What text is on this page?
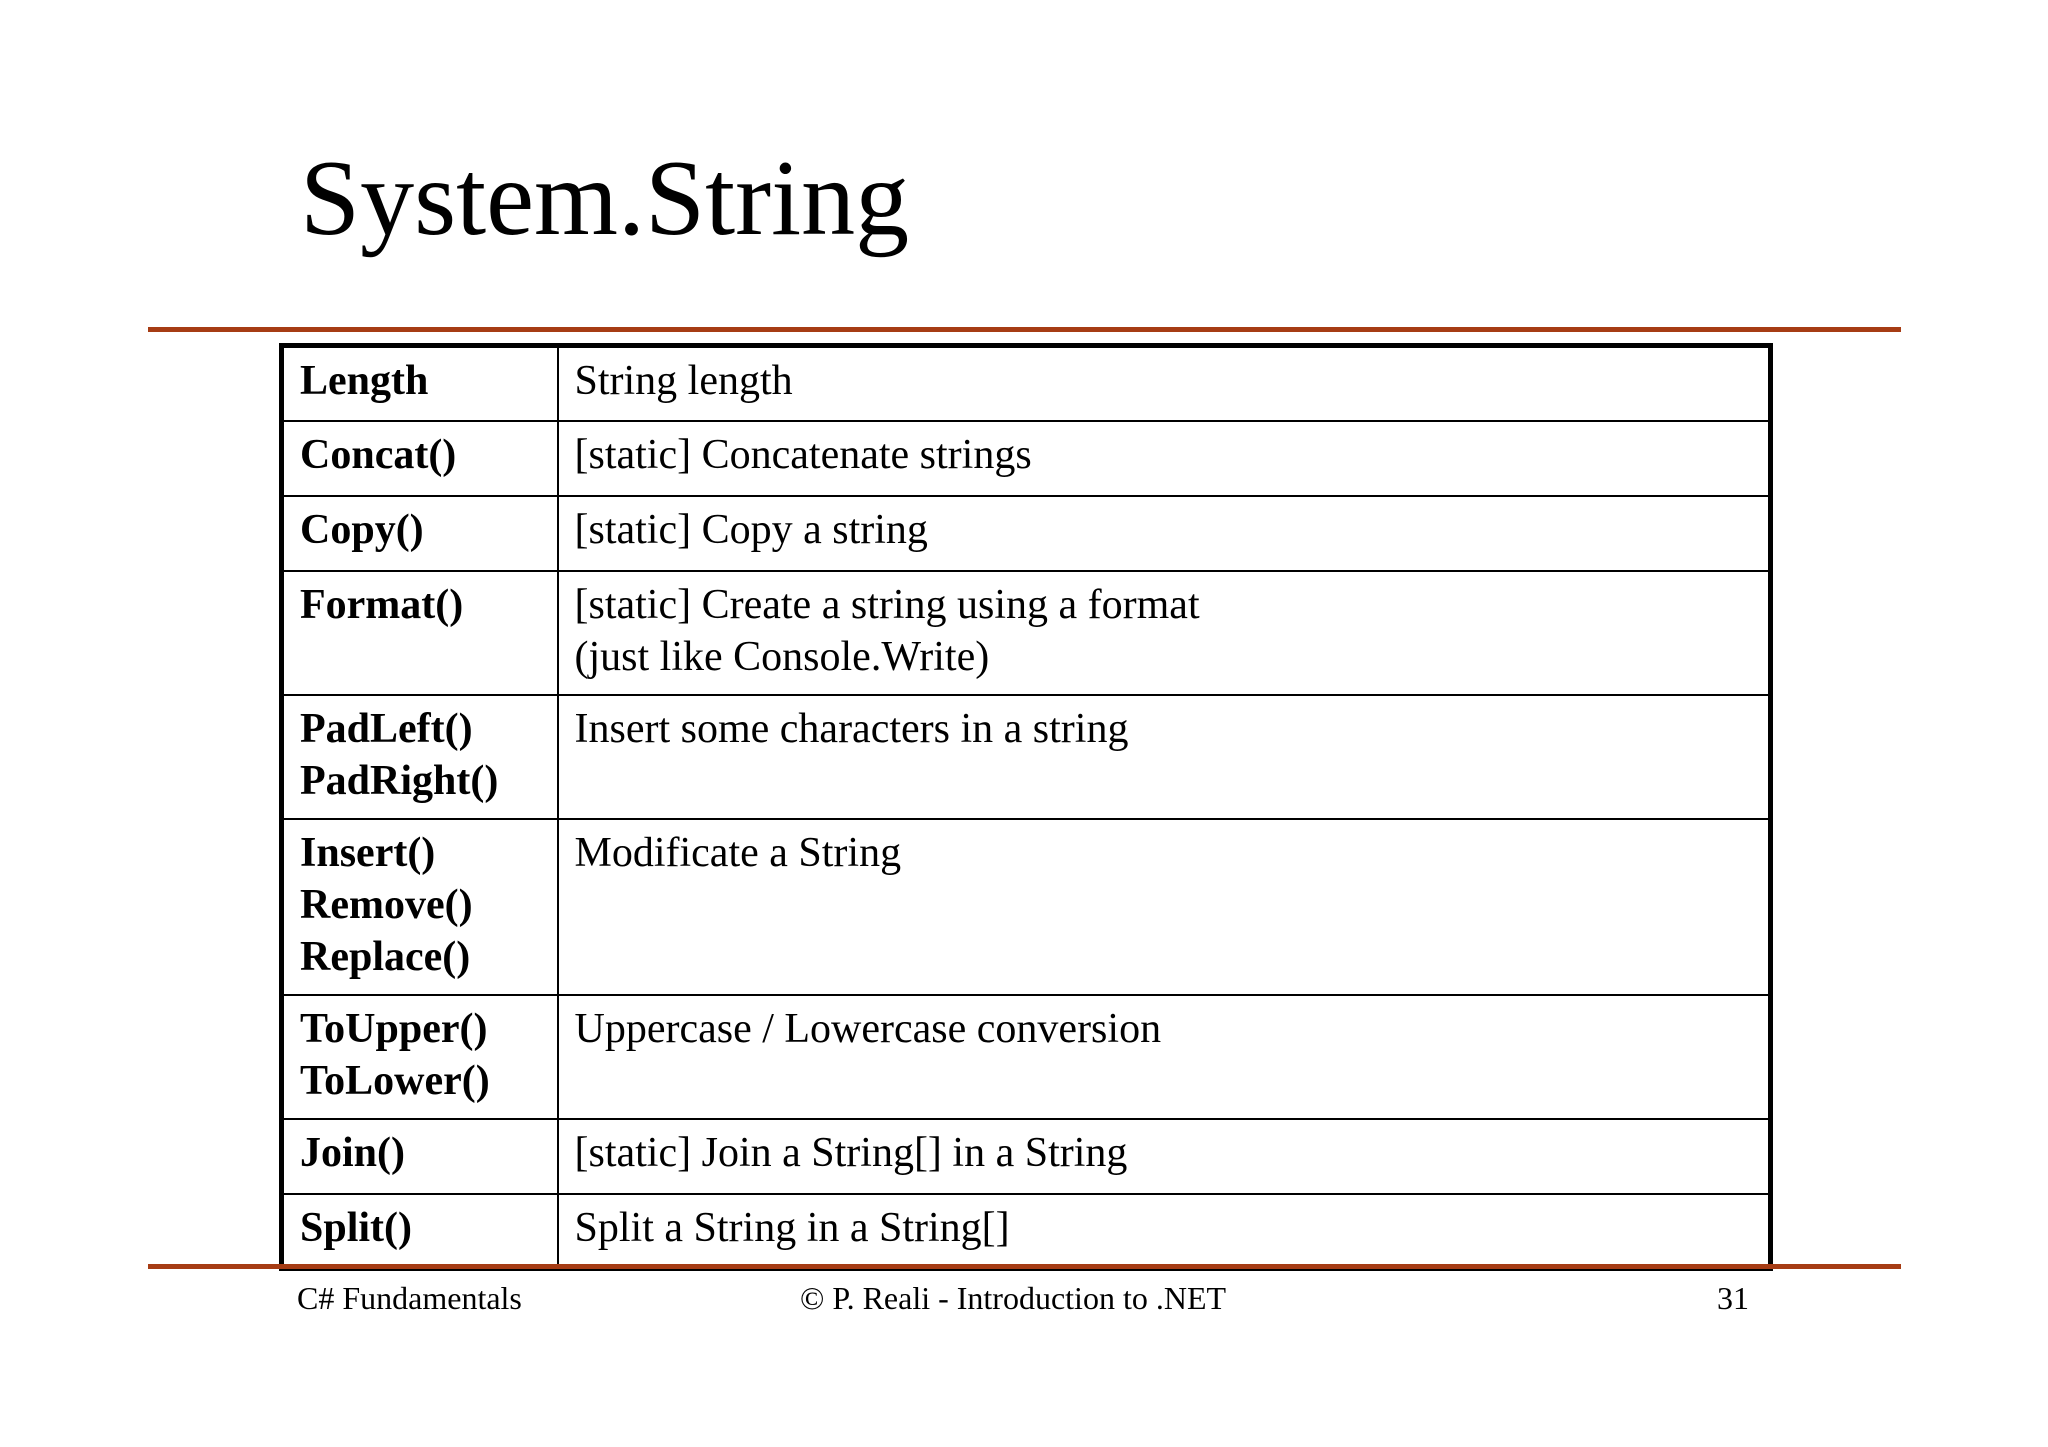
System.String
Length	String length

Concat()	[static] Concatenate strings

Copy()	[static] Copy a string

Format()	[static] Create a string using a format
(just like Console.Write)

PadLeft()
PadRight()	Insert some characters in a string

Insert()
Remove()
Replace()	Modificate a String

ToUpper()
ToLower()	Uppercase / Lowercase conversion

Join()	[static] Join a String[] in a String

Split()	Split a String in a String[]
C# Fundamentals	© P. Reali - Introduction to .NET	31
